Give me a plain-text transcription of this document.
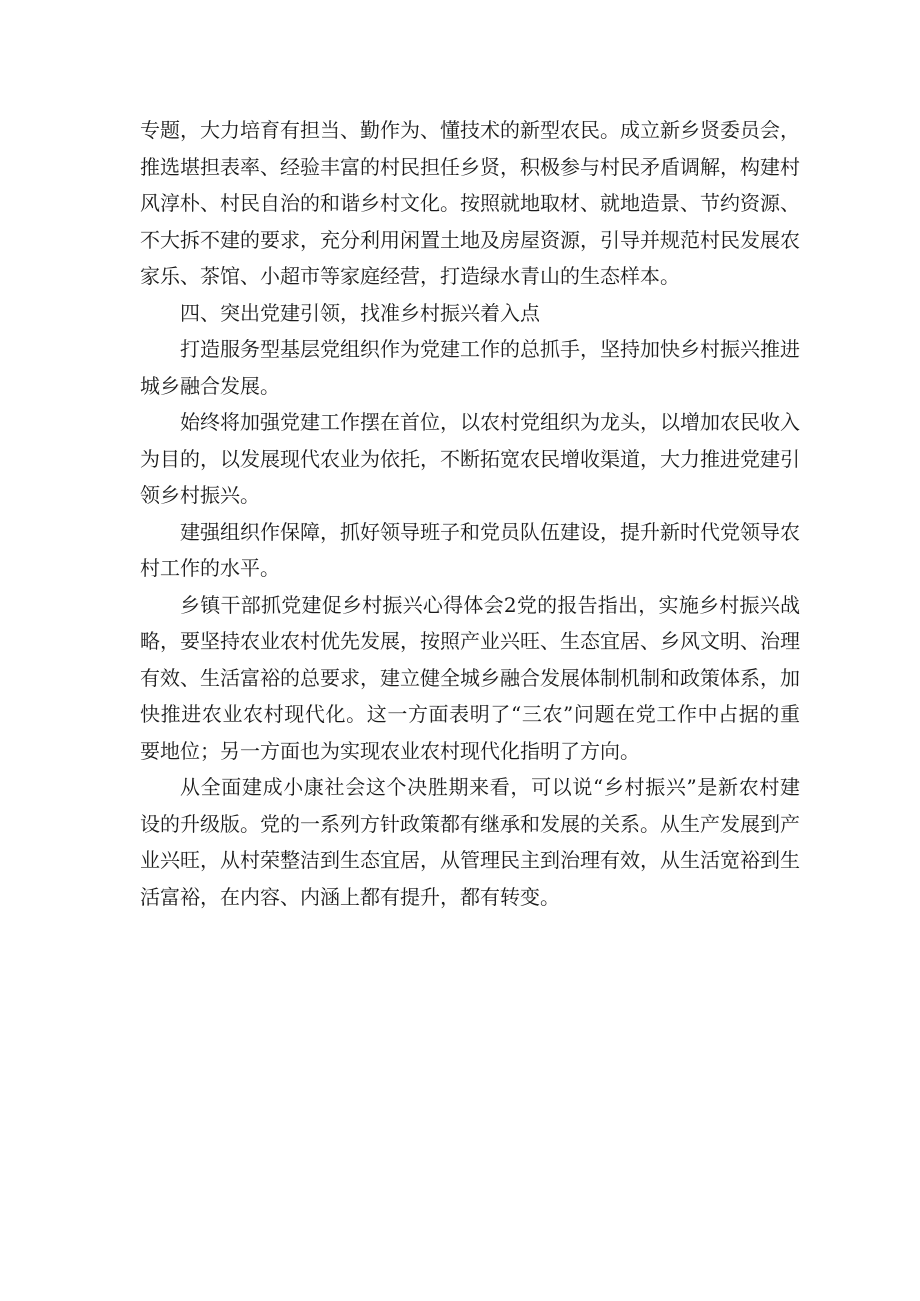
专题，大力培育有担当、勤作为、懂技术的新型农民。成立新乡贤委员会，推选堪担表率、经验丰富的村民担任乡贤，积极参与村民矛盾调解，构建村风淳朴、村民自治的和谐乡村文化。按照就地取材、就地造景、节约资源、不大拆不建的要求，充分利用闲置土地及房屋资源，引导并规范村民发展农家乐、茶馆、小超市等家庭经营，打造绿水青山的生态样本。

四、突出党建引领，找准乡村振兴着入点

打造服务型基层党组织作为党建工作的总抓手，坚持加快乡村振兴推进城乡融合发展。

始终将加强党建工作摆在首位，以农村党组织为龙头，以增加农民收入为目的，以发展现代农业为依托，不断拓宽农民增收渠道，大力推进党建引领乡村振兴。

建强组织作保障，抓好领导班子和党员队伍建设，提升新时代党领导农村工作的水平。

乡镇干部抓党建促乡村振兴心得体会2党的报告指出，实施乡村振兴战略，要坚持农业农村优先发展，按照产业兴旺、生态宜居、乡风文明、治理有效、生活富裕的总要求，建立健全城乡融合发展体制机制和政策体系，加快推进农业农村现代化。这一方面表明了“三农”问题在党工作中占据的重要地位；另一方面也为实现农业农村现代化指明了方向。

从全面建成小康社会这个决胜期来看，可以说“乡村振兴”是新农村建设的升级版。党的一系列方针政策都有继承和发展的关系。从生产发展到产业兴旺，从村荣整洁到生态宜居，从管理民主到治理有效，从生活宽裕到生活富裕，在内容、内涵上都有提升，都有转变。
